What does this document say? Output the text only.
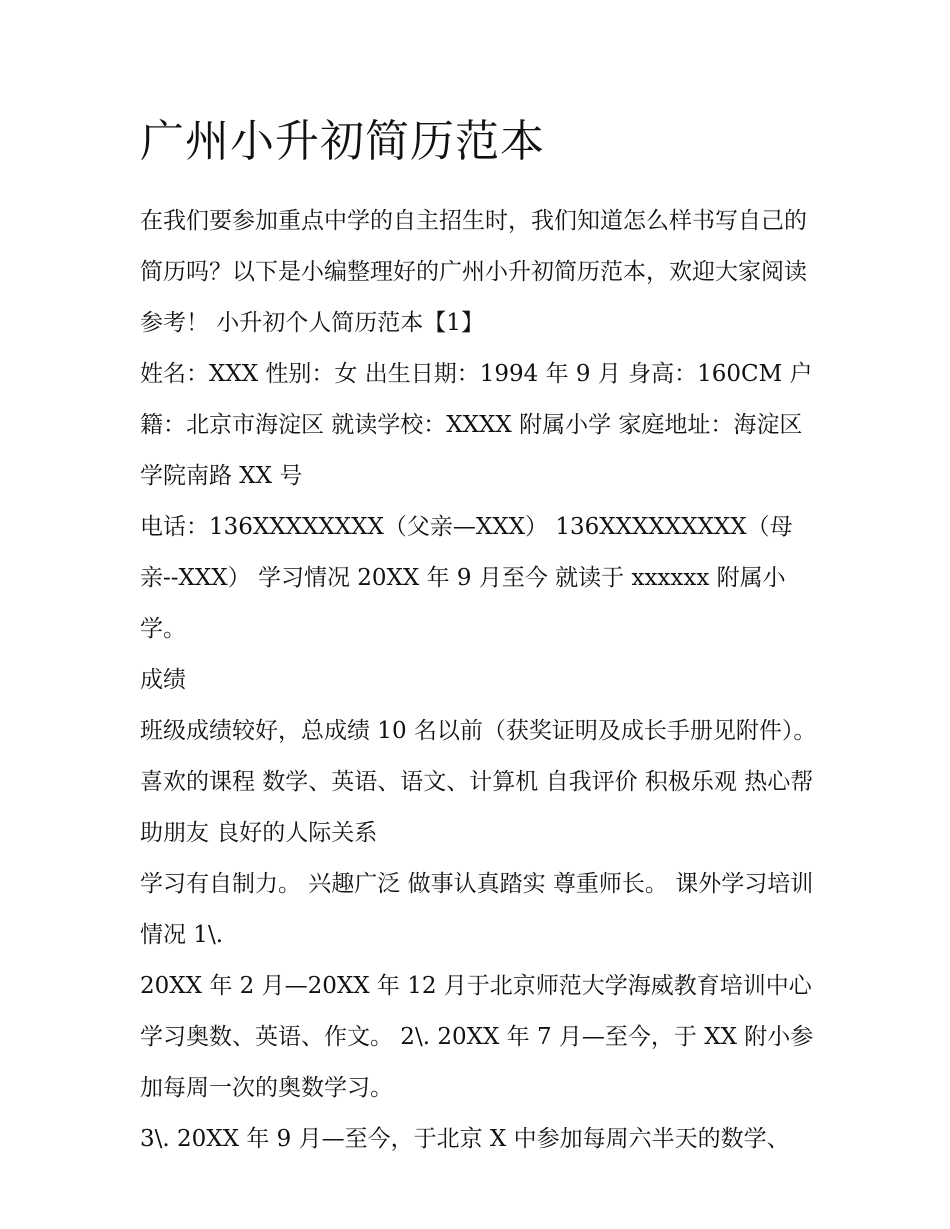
广州小升初简历范本

在我们要参加重点中学的自主招生时，我们知道怎么样书写自己的简历吗？以下是小编整理好的广州小升初简历范本，欢迎大家阅读参考！ 小升初个人简历范本【1】

姓名：XXX 性别：女 出生日期：1994 年 9 月 身高：160CM 户籍：北京市海淀区 就读学校：XXXX 附属小学 家庭地址：海淀区学院南路 XX 号

电话：136XXXXXXXX（父亲—XXX） 136XXXXXXXXX（母亲--XXX） 学习情况 20XX 年 9 月至今 就读于 xxxxxx 附属小学。

成绩

班级成绩较好，总成绩 10 名以前（获奖证明及成长手册见附件）。 喜欢的课程 数学、英语、语文、计算机 自我评价 积极乐观 热心帮助朋友 良好的人际关系

学习有自制力。 兴趣广泛 做事认真踏实 尊重师长。 课外学习培训情况 1\.

20XX 年 2 月—20XX 年 12 月于北京师范大学海威教育培训中心学习奥数、英语、作文。 2\. 20XX 年 7 月—至今，于 XX 附小参加每周一次的奥数学习。

3\. 20XX 年 9 月—至今，于北京 X 中参加每周六半天的数学、
